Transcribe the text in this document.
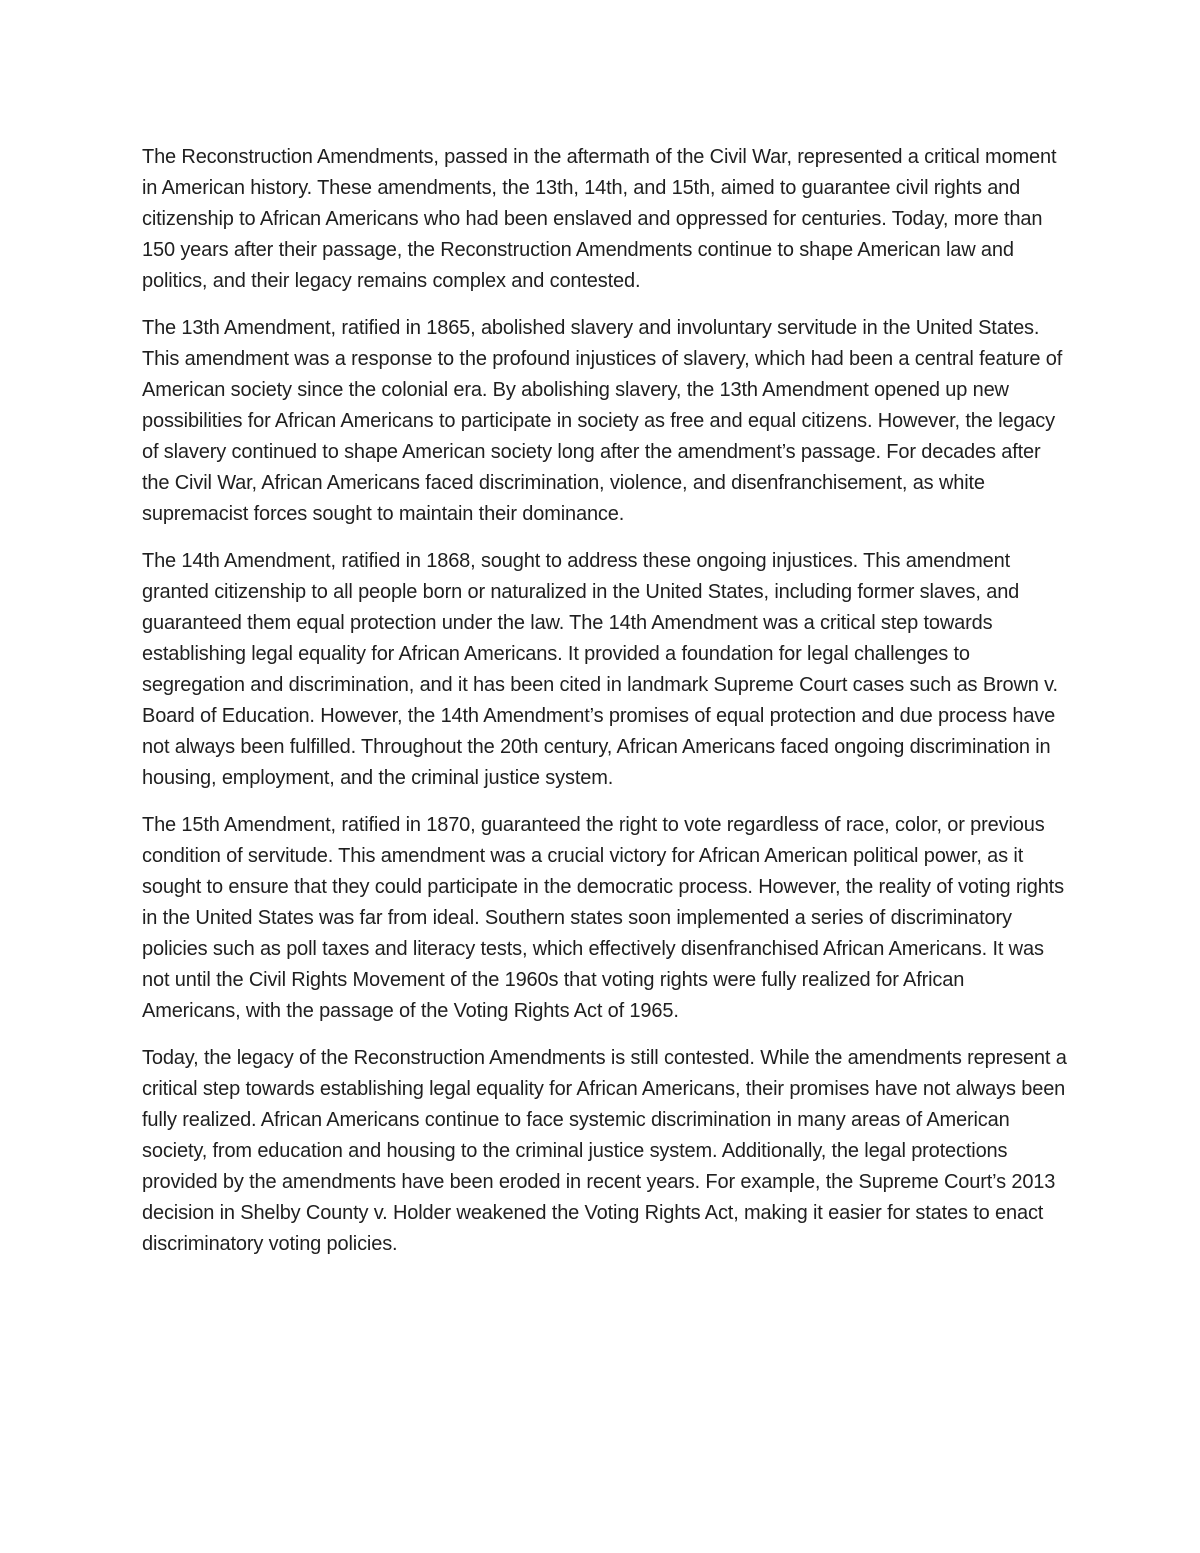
The Reconstruction Amendments, passed in the aftermath of the Civil War, represented a critical moment in American history. These amendments, the 13th, 14th, and 15th, aimed to guarantee civil rights and citizenship to African Americans who had been enslaved and oppressed for centuries. Today, more than 150 years after their passage, the Reconstruction Amendments continue to shape American law and politics, and their legacy remains complex and contested.

The 13th Amendment, ratified in 1865, abolished slavery and involuntary servitude in the United States. This amendment was a response to the profound injustices of slavery, which had been a central feature of American society since the colonial era. By abolishing slavery, the 13th Amendment opened up new possibilities for African Americans to participate in society as free and equal citizens. However, the legacy of slavery continued to shape American society long after the amendment’s passage. For decades after the Civil War, African Americans faced discrimination, violence, and disenfranchisement, as white supremacist forces sought to maintain their dominance.

The 14th Amendment, ratified in 1868, sought to address these ongoing injustices. This amendment granted citizenship to all people born or naturalized in the United States, including former slaves, and guaranteed them equal protection under the law. The 14th Amendment was a critical step towards establishing legal equality for African Americans. It provided a foundation for legal challenges to segregation and discrimination, and it has been cited in landmark Supreme Court cases such as Brown v. Board of Education. However, the 14th Amendment’s promises of equal protection and due process have not always been fulfilled. Throughout the 20th century, African Americans faced ongoing discrimination in housing, employment, and the criminal justice system.

The 15th Amendment, ratified in 1870, guaranteed the right to vote regardless of race, color, or previous condition of servitude. This amendment was a crucial victory for African American political power, as it sought to ensure that they could participate in the democratic process. However, the reality of voting rights in the United States was far from ideal. Southern states soon implemented a series of discriminatory policies such as poll taxes and literacy tests, which effectively disenfranchised African Americans. It was not until the Civil Rights Movement of the 1960s that voting rights were fully realized for African Americans, with the passage of the Voting Rights Act of 1965.

Today, the legacy of the Reconstruction Amendments is still contested. While the amendments represent a critical step towards establishing legal equality for African Americans, their promises have not always been fully realized. African Americans continue to face systemic discrimination in many areas of American society, from education and housing to the criminal justice system. Additionally, the legal protections provided by the amendments have been eroded in recent years. For example, the Supreme Court’s 2013 decision in Shelby County v. Holder weakened the Voting Rights Act, making it easier for states to enact discriminatory voting policies.
